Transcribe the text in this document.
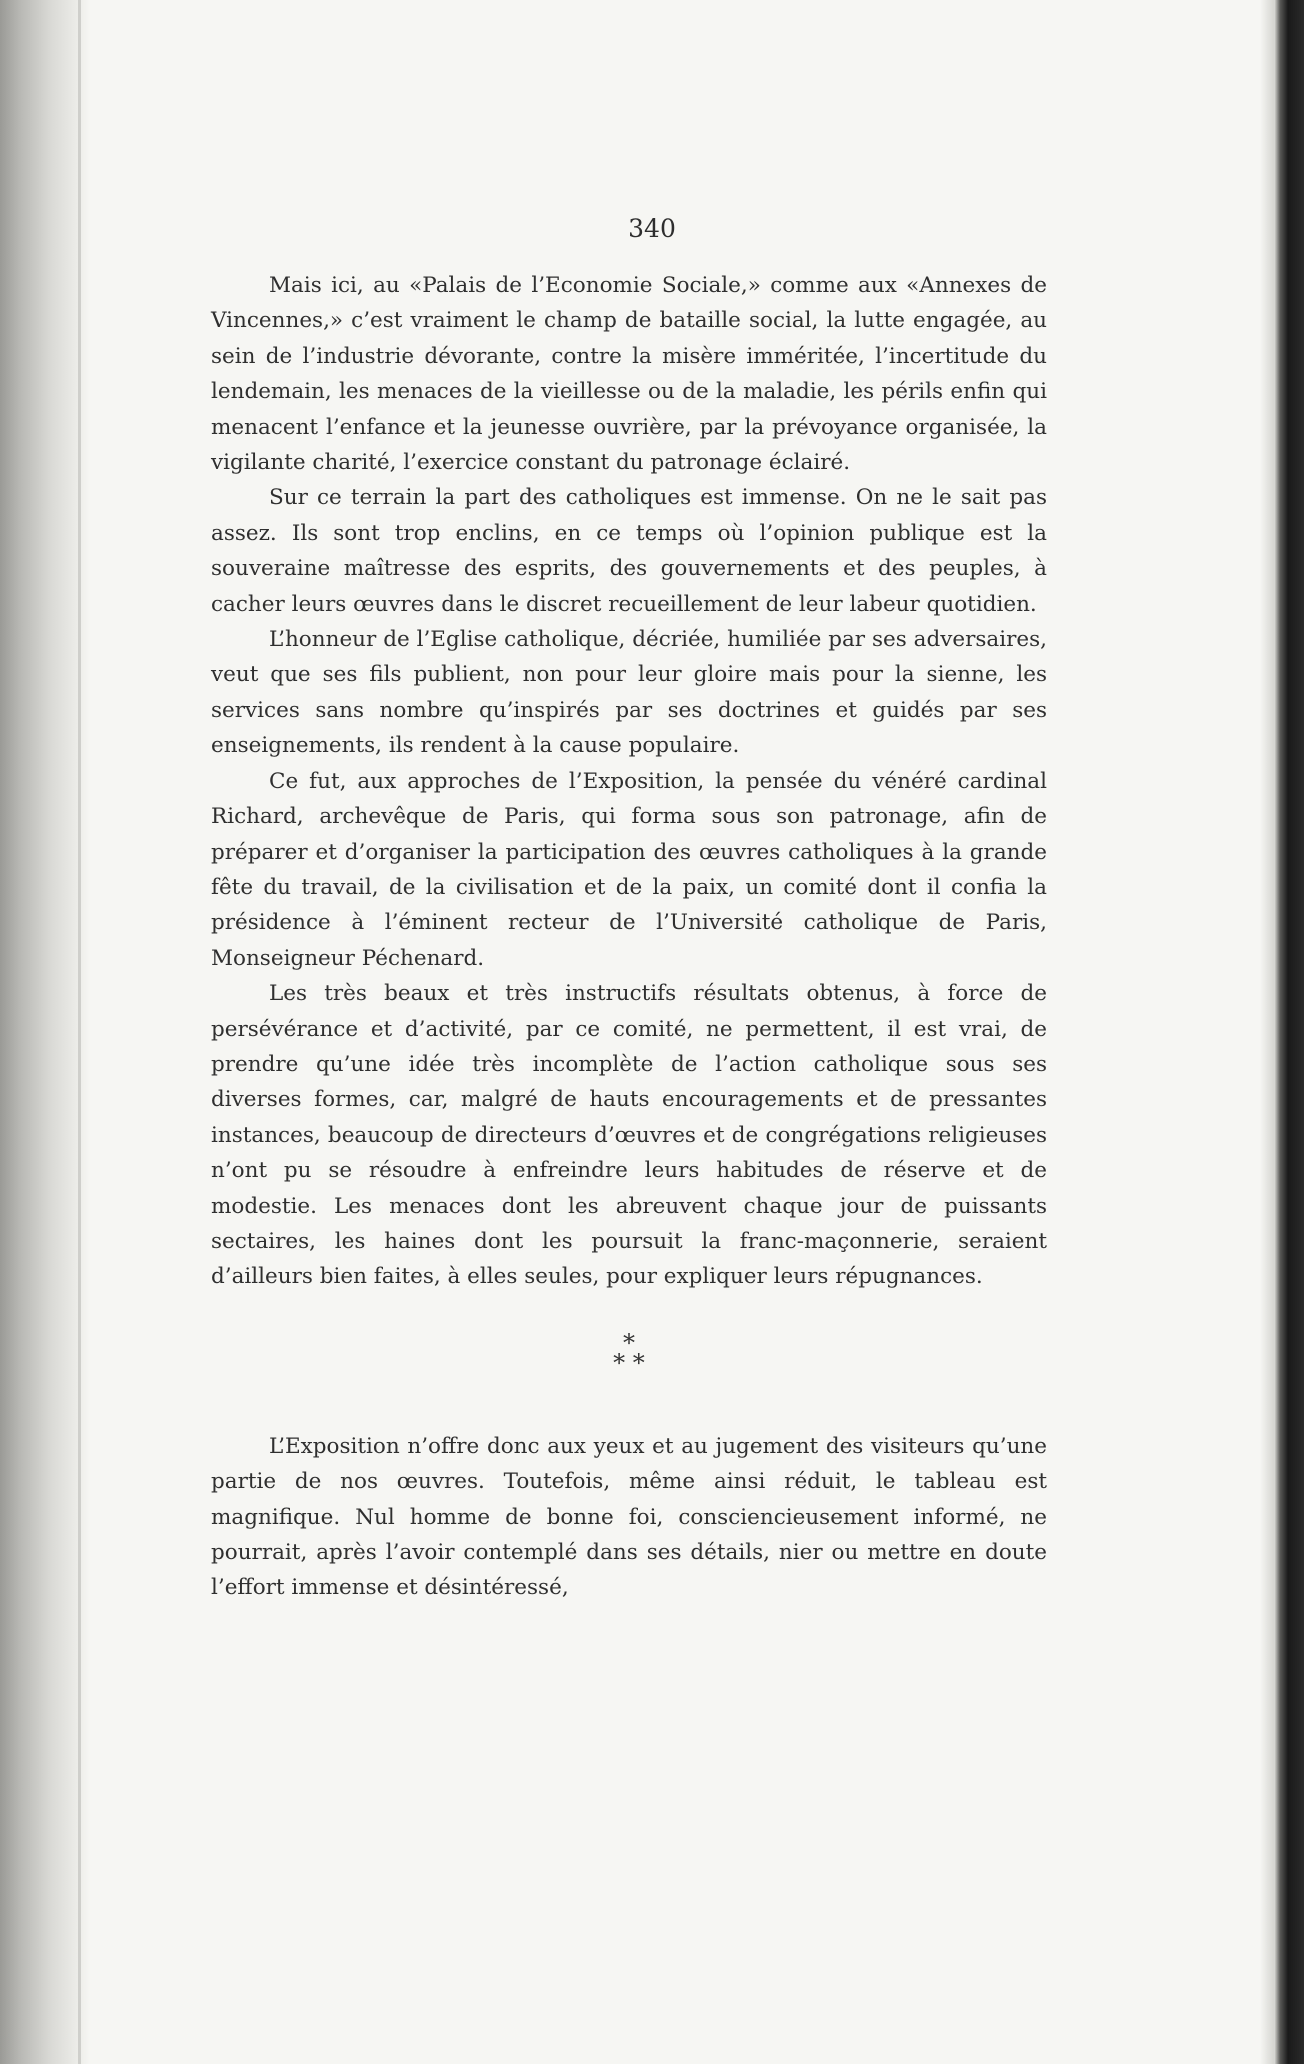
340

Mais ici, au «Palais de l’Economie Sociale,» comme aux «Annexes de Vincennes,» c’est vraiment le champ de bataille social, la lutte engagée, au sein de l’industrie dévorante, contre la misère imméritée, l’incertitude du lendemain, les menaces de la vieillesse ou de la maladie, les périls enfin qui menacent l’enfance et la jeunesse ouvrière, par la prévoyance organisée, la vigilante charité, l’exercice constant du patronage éclairé.

Sur ce terrain la part des catholiques est immense. On ne le sait pas assez. Ils sont trop enclins, en ce temps où l’opinion publique est la souveraine maîtresse des esprits, des gouvernements et des peuples, à cacher leurs œuvres dans le discret recueillement de leur labeur quotidien.

L’honneur de l’Eglise catholique, décriée, humiliée par ses adversaires, veut que ses fils publient, non pour leur gloire mais pour la sienne, les services sans nombre qu’inspirés par ses doctrines et guidés par ses enseignements, ils rendent à la cause populaire.

Ce fut, aux approches de l’Exposition, la pensée du vénéré cardinal Richard, archevêque de Paris, qui forma sous son patronage, afin de préparer et d’organiser la participation des œuvres catholiques à la grande fête du travail, de la civilisation et de la paix, un comité dont il confia la présidence à l’éminent recteur de l’Université catholique de Paris, Monseigneur Péchenard.

Les très beaux et très instructifs résultats obtenus, à force de persévérance et d’activité, par ce comité, ne permettent, il est vrai, de prendre qu’une idée très incomplète de l’action catholique sous ses diverses formes, car, malgré de hauts encouragements et de pressantes instances, beaucoup de directeurs d’œuvres et de congrégations religieuses n’ont pu se résoudre à enfreindre leurs habitudes de réserve et de modestie. Les menaces dont les abreuvent chaque jour de puissants sectaires, les haines dont les poursuit la franc-maçonnerie, seraient d’ailleurs bien faites, à elles seules, pour expliquer leurs répugnances.

*
* *

L’Exposition n’offre donc aux yeux et au jugement des visiteurs qu’une partie de nos œuvres. Toutefois, même ainsi réduit, le tableau est magnifique. Nul homme de bonne foi, consciencieusement informé, ne pourrait, après l’avoir contemplé dans ses détails, nier ou mettre en doute l’effort immense et désintéressé,
